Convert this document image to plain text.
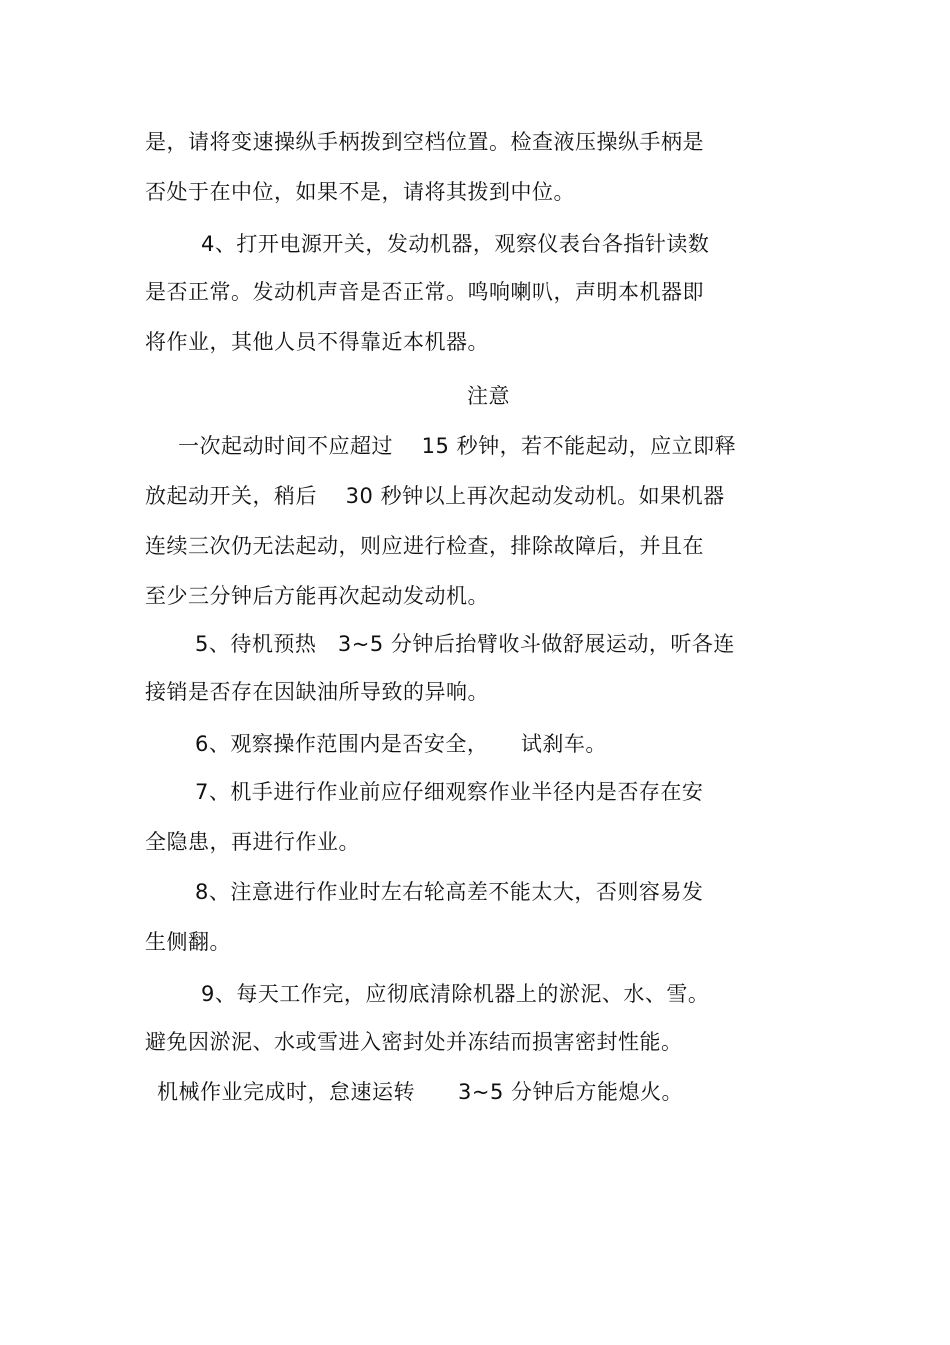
是，请将变速操纵手柄拨到空档位置。检查液压操纵手柄是
否处于在中位，如果不是，请将其拨到中位。
4、打开电源开关，发动机器，观察仪表台各指针读数
是否正常。发动机声音是否正常。鸣响喇叭，声明本机器即
将作业，其他人员不得靠近本机器。
注意
一次起动时间不应超过　 15 秒钟，若不能起动，应立即释
放起动开关，稍后　 30 秒钟以上再次起动发动机。如果机器
连续三次仍无法起动，则应进行检查，排除故障后，并且在
至少三分钟后方能再次起动发动机。
5、待机预热　3~5 分钟后抬臂收斗做舒展运动，听各连
接销是否存在因缺油所导致的异响。
6、观察操作范围内是否安全，　　试刹车。
7、机手进行作业前应仔细观察作业半径内是否存在安
全隐患，再进行作业。
8、注意进行作业时左右轮高差不能太大，否则容易发
生侧翻。
9、每天工作完，应彻底清除机器上的淤泥、水、雪。
避免因淤泥、水或雪进入密封处并冻结而损害密封性能。
机械作业完成时，怠速运转　　3~5 分钟后方能熄火。
